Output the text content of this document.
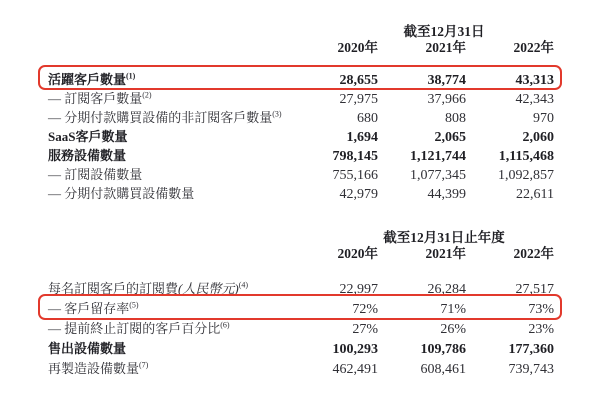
截至12月31日
2020年	2021年	2022年
活躍客戶數量$^{(1)}$	28,655	38,774	43,313
— 訂閱客戶數量$^{(2)}$	27,975	37,966	42,343
— 分期付款購買設備的非訂閱客戶數量$^{(3)}$	680	808	970
SaaS客戶數量	1,694	2,065	2,060
服務設備數量	798,145	1,121,744	1,115,468
— 訂閱設備數量	755,166	1,077,345	1,092,857
— 分期付款購買設備數量	42,979	44,399	22,611
截至12月31日止年度
2020年	2021年	2022年
每名訂閱客戶的訂閱費(人民幣元)$^{(4)}$	22,997	26,284	27,517
— 客戶留存率$^{(5)}$	72%	71%	73%
— 提前終止訂閱的客戶百分比$^{(6)}$	27%	26%	23%
售出設備數量	100,293	109,786	177,360
再製造設備數量$^{(7)}$	462,491	608,461	739,743
